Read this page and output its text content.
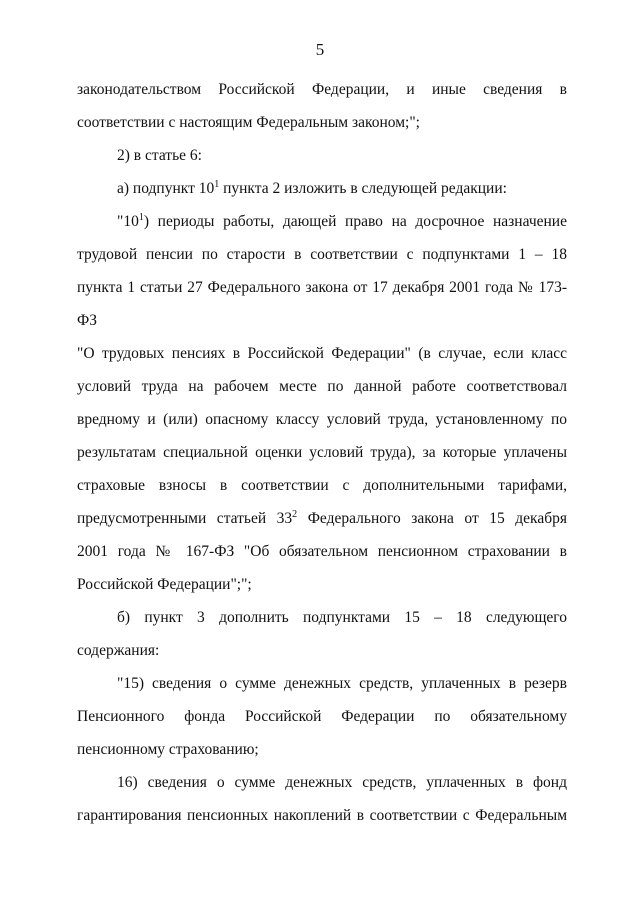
5

законодательством Российской Федерации, и иные сведения в

соответствии с настоящим Федеральным законом;";

2) в статье 6:

а) подпункт $10^1$ пункта 2 изложить в следующей редакции:

"$10^1$) периоды работы, дающей право на досрочное назначение

трудовой пенсии по старости в соответствии с подпунктами 1 – 18

пункта 1 статьи 27 Федерального закона от 17 декабря 2001 года № 173-ФЗ

"О трудовых пенсиях в Российской Федерации" (в случае, если класс

условий труда на рабочем месте по данной работе соответствовал

вредному и (или) опасному классу условий труда, установленному по

результатам специальной оценки условий труда), за которые уплачены

страховые взносы в соответствии с дополнительными тарифами,

предусмотренными статьей $33^2$ Федерального закона от 15 декабря

2001 года № 167-ФЗ "Об обязательном пенсионном страховании в

Российской Федерации";";

б) пункт 3 дополнить подпунктами 15 – 18 следующего содержания:

"15) сведения о сумме денежных средств, уплаченных в резерв

Пенсионного фонда Российской Федерации по обязательному

пенсионному страхованию;

16) сведения о сумме денежных средств, уплаченных в фонд

гарантирования пенсионных накоплений в соответствии с Федеральным
